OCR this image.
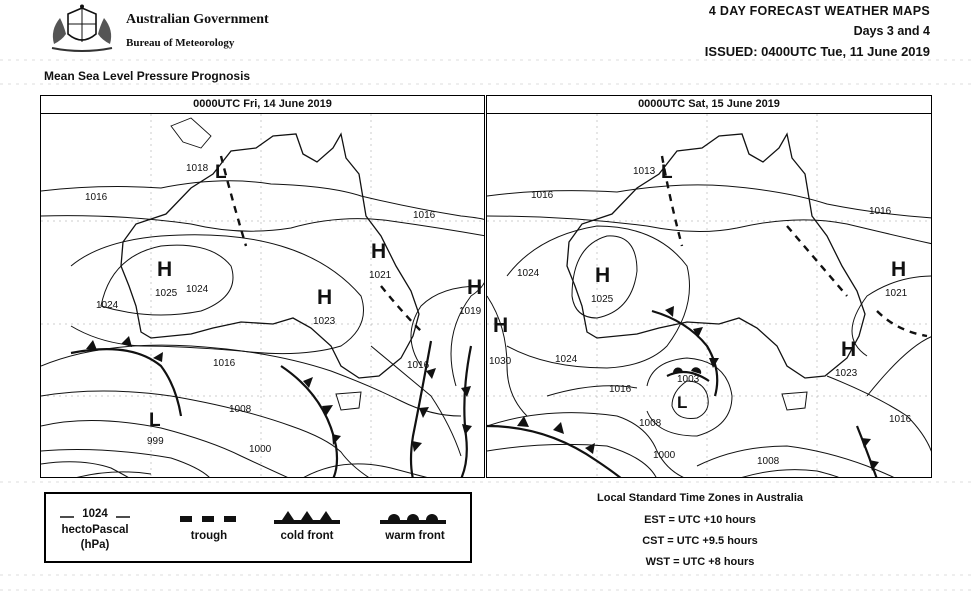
Australian Government
Bureau of Meteorology
4 DAY FORECAST WEATHER MAPS
Days 3 and 4
ISSUED: 0400UTC Tue, 11 June 2019
Mean Sea Level Pressure Prognosis
0000UTC Fri, 14 June 2019
1016
1016
1024
1024
1016	1016
1008
1000
L
1018
H
1025	H
1023
H
1021
H
1019
L
999
0000UTC Sat, 15 June 2019
1016
1016
1024
1024
1016
1008
1000
1008
1016
L
1013
H
1025
H
1021
H
1023
H
1030
L
1003
1024
hectoPascal
(hPa)
trough	cold front	warm front
Local Standard Time Zones in Australia
EST = UTC +10 hours
CST = UTC +9.5 hours
WST = UTC +8 hours
